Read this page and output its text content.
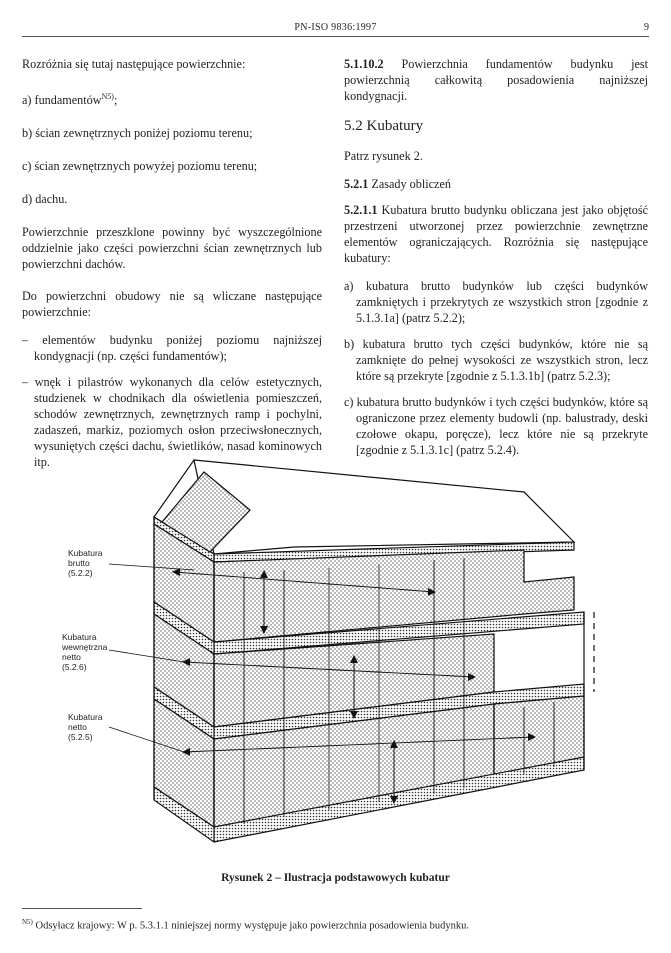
PN-ISO 9836:1997	9

Rozróżnia się tutaj następujące powierzchnie:

a) fundamentów$^{N5)}$;

b) ścian zewnętrznych poniżej poziomu terenu;

c) ścian zewnętrznych powyżej poziomu terenu;

d) dachu.

Powierzchnie przeszklone powinny być wyszczególnione oddzielnie jako części powierzchni ścian zewnętrznych lub powierzchni dachów.

Do powierzchni obudowy nie są wliczane następujące powierzchnie:

– elementów budynku poniżej poziomu najniższej kondygnacji (np. części fundamentów);
– wnęk i pilastrów wykonanych dla celów estetycznych, studzienek w chodnikach dla oświetlenia pomieszczeń, schodów zewnętrznych, zewnętrznych ramp i pochylni, zadaszeń, markiz, poziomych osłon przeciwsłonecznych, wysuniętych części dachu, świetlików, nasad kominowych itp.

5.1.10.2 Powierzchnia fundamentów budynku jest powierzchnią całkowitą posadowienia najniższej kondygnacji.

5.2 Kubatury

Patrz rysunek 2.

5.2.1 Zasady obliczeń

5.2.1.1 Kubatura brutto budynku obliczana jest jako objętość przestrzeni utworzonej przez powierzchnie zewnętrzne elementów ograniczających. Rozróżnia się następujące kubatury:

a) kubatura brutto budynków lub części budynków zamkniętych i przekrytych ze wszystkich stron [zgodnie z 5.1.3.1a] (patrz 5.2.2);
b) kubatura brutto tych części budynków, które nie są zamknięte do pełnej wysokości ze wszystkich stron, lecz które są przekryte [zgodnie z 5.1.3.1b] (patrz 5.2.3);
c) kubatura brutto budynków i tych części budynków, które są ograniczone przez elementy budowli (np. balustrady, deski czołowe okapu, poręcze), lecz które nie są przekryte [zgodnie z 5.1.3.1c] (patrz 5.2.4).
Kubatura
brutto
(5.2.2)
Kubatura
wewnętrzna
netto
(5.2.6)
Kubatura
netto
(5.2.5)
Rysunek 2 – Ilustracja podstawowych kubatur
$^{N5)}$ Odsyłacz krajowy: W p. 5.3.1.1 niniejszej normy występuje jako powierzchnia posadowienia budynku.
